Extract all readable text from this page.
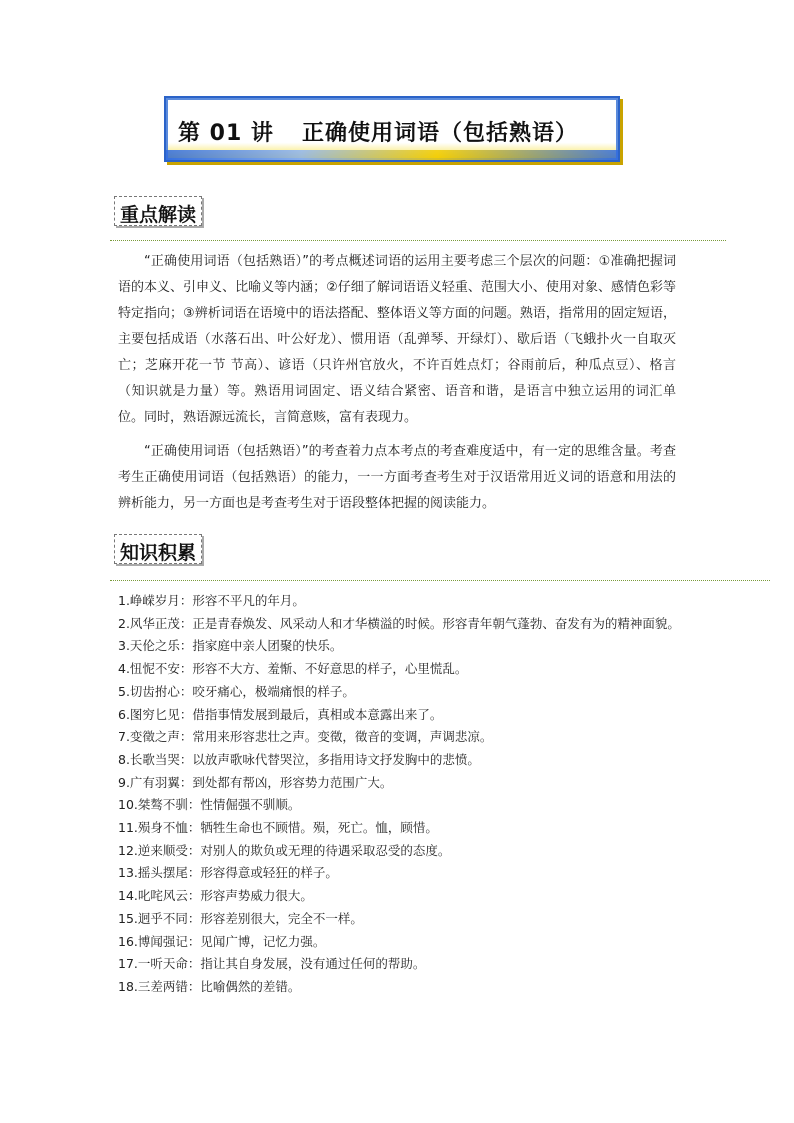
第 01 讲 正确使用词语（包括熟语）
重点解读

“正确使用词语（包括熟语）”的考点概述词语的运用主要考虑三个层次的问题：①准确把握词语的本义、引申义、比喻义等内涵；②仔细了解词语语义轻重、范围大小、使用对象、感情色彩等特定指向；③辨析词语在语境中的语法搭配、整体语义等方面的问题。熟语，指常用的固定短语，主要包括成语（水落石出、叶公好龙）、惯用语（乱弹琴、开绿灯）、歇后语（飞蛾扑火一自取灭亡；芝麻开花一节 节高）、谚语（只许州官放火，不许百姓点灯；谷雨前后，种瓜点豆）、格言（知识就是力量）等。熟语用词固定、语义结合紧密、语音和谐，是语言中独立运用的词汇单位。同时，熟语源远流长，言简意赅，富有表现力。

“正确使用词语（包括熟语）”的考查着力点本考点的考查难度适中，有一定的思维含量。考查考生正确使用词语（包括熟语）的能力，一一方面考查考生对于汉语常用近义词的语意和用法的辨析能力，另一方面也是考查考生对于语段整体把握的阅读能力。

知识积累
1.峥嵘岁月：形容不平凡的年月。
2.风华正茂：正是青春焕发、风采动人和才华横溢的时候。形容青年朝气蓬勃、奋发有为的精神面貌。
3.天伦之乐：指家庭中亲人团聚的快乐。
4.忸怩不安：形容不大方、羞惭、不好意思的样子，心里慌乱。
5.切齿拊心：咬牙痛心，极端痛恨的样子。
6.图穷匕见：借指事情发展到最后，真相或本意露出来了。
7.变徵之声：常用来形容悲壮之声。变徵，徵音的变调，声调悲凉。
8.长歌当哭：以放声歌咏代替哭泣，多指用诗文抒发胸中的悲愤。
9.广有羽翼：到处都有帮凶，形容势力范围广大。
10.桀骜不驯：性情倔强不驯顺。
11.殒身不恤：牺牲生命也不顾惜。殒，死亡。恤，顾惜。
12.逆来顺受：对别人的欺负或无理的待遇采取忍受的态度。
13.摇头摆尾：形容得意或轻狂的样子。
14.叱咤风云：形容声势威力很大。
15.迥乎不同：形容差别很大，完全不一样。
16.博闻强记：见闻广博，记忆力强。
17.一听天命：指让其自身发展，没有通过任何的帮助。
18.三差两错：比喻偶然的差错。
